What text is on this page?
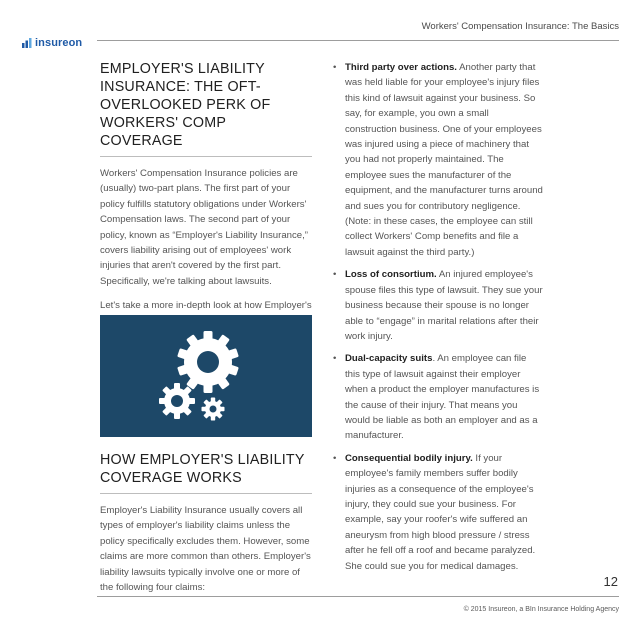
insureon
Workers' Compensation Insurance: The Basics
EMPLOYER'S LIABILITY INSURANCE: THE OFT-OVERLOOKED PERK OF WORKERS' COMP COVERAGE

Workers' Compensation Insurance policies are (usually) two-part plans. The first part of your policy fulfills statutory obligations under Workers' Compensation laws. The second part of your policy, known as “Employer's Liability Insurance,” covers liability arising out of employees' work injuries that aren't covered by the first part. Specifically, we're talking about lawsuits.

Let's take a more in-depth look at how Employer's

HOW EMPLOYER'S LIABILITY COVERAGE WORKS

Employer's Liability Insurance usually covers all types of employer's liability claims unless the policy specifically excludes them. However, some claims are more common than others. Employer's liability lawsuits typically involve one or more of the following four claims:

• Third party over actions. Another party that was held liable for your employee's injury files this kind of lawsuit against your business. So say, for example, you own a small construction business. One of your employees was injured using a piece of machinery that you had not properly maintained. The employee sues the manufacturer of the equipment, and the manufacturer turns around and sues you for contributory negligence. (Note: in these cases, the employee can still collect Workers' Comp benefits and file a lawsuit against the third party.)
• Loss of consortium. An injured employee's spouse files this type of lawsuit. They sue your business because their spouse is no longer able to “engage” in marital relations after their work injury.
• Dual-capacity suits. An employee can file this type of lawsuit against their employer when a product the employer manufactures is the cause of their injury. That means you would be liable as both an employer and as a manufacturer.
• Consequential bodily injury. If your employee's family members suffer bodily injuries as a consequence of the employee's injury, they could sue your business. For example, say your roofer's wife suffered an aneurysm from high blood pressure / stress after he fell off a roof and became paralyzed. She could sue you for medical damages.
12
© 2015 Insureon, a BIn Insurance Holding Agency
